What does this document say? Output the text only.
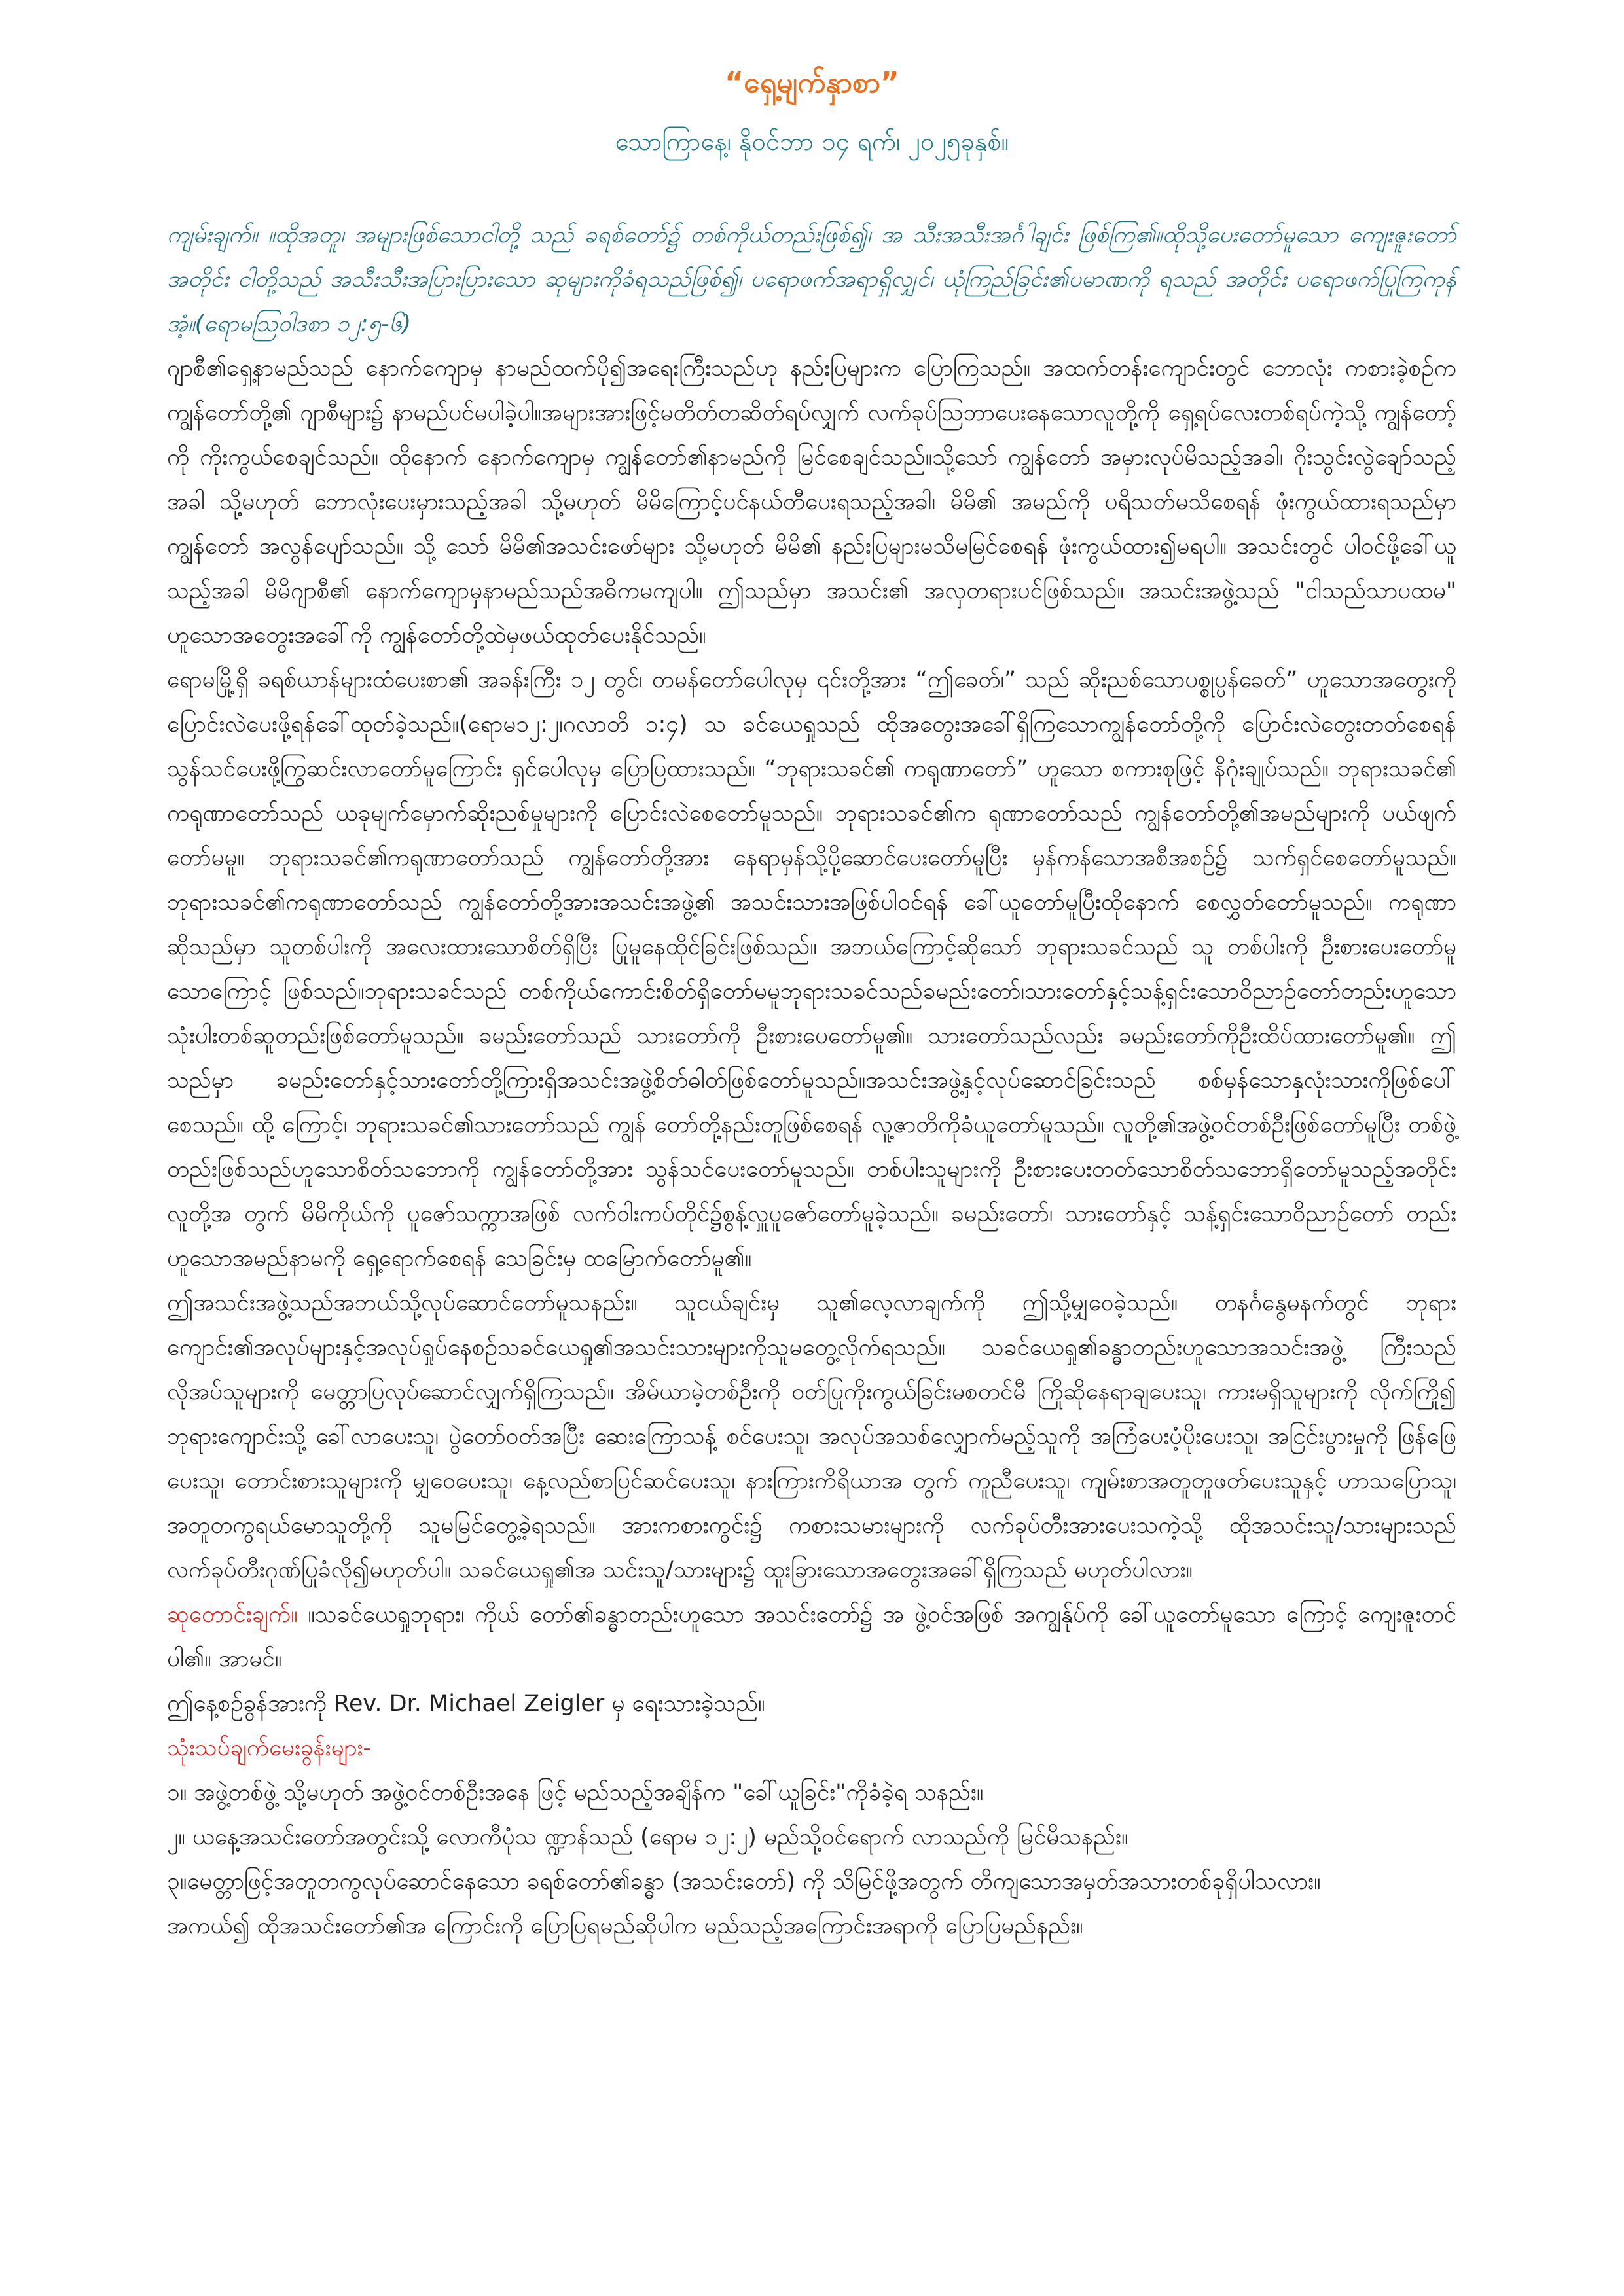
“ရှေ့မျက်နှာစာ”
သောကြာနေ့၊ နိုဝင်ဘာ ၁၄ ရက်၊ ၂၀၂၅ခုနှစ်။

ကျမ်းချက်။ ။ထိုအတူ၊ အများဖြစ်သောငါတို့ သည် ခရစ်တော်၌ တစ်ကိုယ်တည်းဖြစ်၍၊ အ သီးအသီးအင်္ဂါချင်း ဖြစ်ကြ၏။ထိုသို့ပေးတော်မူသော ကျေးဇူးတော်အတိုင်း ငါတို့သည် အသီးသီးအပြားပြားသော ဆုများကိုခံရသည်ဖြစ်၍၊ ပရောဖက်အရာရှိလျှင်၊ ယုံကြည်ခြင်း၏ပမာဏကို ရသည် အတိုင်း ပရောဖက်ပြုကြကုန်အံ့။(ရောမသြဝါဒစာ ၁၂:၅-၆)

ဂျာစီ၏ရှေ့နာမည်သည် နောက်ကျောမှ နာမည်ထက်ပို၍အရေးကြီးသည်ဟု နည်းပြများက ပြောကြသည်။ အထက်တန်းကျောင်းတွင် ဘောလုံး ကစားခဲ့စဉ်က ကျွန်တော်တို့၏ ဂျာစီများ၌ နာမည်ပင်မပါခဲ့ပါ။အများအားဖြင့်မတိတ်တဆိတ်ရပ်လျှက် လက်ခုပ်သြဘာပေးနေသောလူတို့ကို ရှေ့ရပ်လေးတစ်ရပ်ကဲ့သို့ ကျွန်တော့်ကို ကိုးကွယ်စေချင်သည်။ ထိုနောက် နောက်ကျောမှ ကျွန်တော်၏နာမည်ကို မြင်စေချင်သည်။သို့သော် ကျွန်တော် အမှားလုပ်မိသည့်အခါ၊ ဂိုးသွင်းလွဲချော်သည့်အခါ သို့မဟုတ် ဘောလုံးပေးမှားသည့်အခါ သို့မဟုတ် မိမိကြောင့်ပင်နယ်တီပေးရသည့်အခါ၊ မိမိ၏ အမည်ကို ပရိသတ်မသိစေရန် ဖုံးကွယ်ထားရသည်မှာ ကျွန်တော် အလွန်ပျော်သည်။ သို့ သော် မိမိ၏အသင်းဖော်များ သို့မဟုတ် မိမိ၏ နည်းပြများမသိမမြင်စေရန် ဖုံးကွယ်ထား၍မရပါ။ အသင်းတွင် ပါဝင်ဖို့ခေါ်ယူသည့်အခါ မိမိဂျာစီ၏ နောက်ကျောမှနာမည်သည်အဓိကမကျပါ။ ဤသည်မှာ အသင်း၏ အလှတရားပင်ဖြစ်သည်။ အသင်းအဖွဲ့သည် "ငါသည်သာပထမ" ဟူသောအတွေးအခေါ်ကို ကျွန်တော်တို့ထဲမှဖယ်ထုတ်ပေးနိုင်သည်။

ရောမမြို့ရှိ ခရစ်ယာန်များထံပေးစာ၏ အခန်းကြီး ၁၂ တွင်၊ တမန်တော်ပေါလုမှ ၎င်းတို့အား “ဤခေတ်၊” သည် ဆိုးညစ်သောပစ္စုပ္ပန်ခေတ်” ဟူသောအတွေးကိုပြောင်းလဲပေးဖို့ရန်ခေါ်ထုတ်ခဲ့သည်။(ရောမ၁၂:၂၊ဂလာတိ ၁:၄) သ ခင်ယေရှုသည် ထိုအတွေးအခေါ်ရှိကြသောကျွန်တော်တို့ကို ပြောင်းလဲတွေးတတ်စေရန် သွန်သင်ပေးဖို့ကြွဆင်းလာတော်မူကြောင်း ရှင်ပေါလုမှ ပြောပြထားသည်။ “ဘုရားသခင်၏ ကရုဏာတော်” ဟူသော စကားစုဖြင့် နိဂုံးချုပ်သည်။ ဘုရားသခင်၏ ကရုဏာတော်သည် ယခုမျက်မှောက်ဆိုးညစ်မှုများကို ပြောင်းလဲစေတော်မူသည်။ ဘုရားသခင်၏က ရုဏာတော်သည် ကျွန်တော်တို့၏အမည်များကို ပယ်ဖျက်တော်မမူ။ ဘုရားသခင်၏ကရုဏာတော်သည် ကျွန်တော်တို့အား နေရာမှန်သို့ပို့ဆောင်ပေးတော်မူပြီး မှန်ကန်သောအစီအစဉ်၌ သက်ရှင်စေတော်မူသည်။ ဘုရားသခင်၏ကရုဏာတော်သည် ကျွန်တော်တို့အားအသင်းအဖွဲ့၏ အသင်းသားအဖြစ်ပါဝင်ရန် ခေါ်ယူတော်မူပြီးထိုနောက် စေလွှတ်တော်မူသည်။ ကရုဏာဆိုသည်မှာ သူတစ်ပါးကို အလေးထားသောစိတ်ရှိပြီး ပြုမူနေထိုင်ခြင်းဖြစ်သည်။ အဘယ်ကြောင့်ဆိုသော် ဘုရားသခင်သည် သူ တစ်ပါးကို ဦးစားပေးတော်မူသောကြောင့် ဖြစ်သည်။ဘုရားသခင်သည် တစ်ကိုယ်ကောင်းစိတ်ရှိတော်မမူဘုရားသခင်သည်ခမည်းတော်၊သားတော်နှင့်သန့်ရှင်းသောဝိညာဉ်တော်တည်းဟူသောသုံးပါးတစ်ဆူတည်းဖြစ်တော်မူသည်။ ခမည်းတော်သည် သားတော်ကို ဦးစားပေတော်မူ၏။ သားတော်သည်လည်း ခမည်းတော်ကိုဦးထိပ်ထားတော်မူ၏။ ဤသည်မှာ ခမည်းတော်နှင့်သားတော်တို့ကြားရှိအသင်းအဖွဲ့စိတ်ဓါတ်ဖြစ်တော်မူသည်။အသင်းအဖွဲ့နှင့်လုပ်ဆောင်ခြင်းသည် စစ်မှန်သောနှလုံးသားကိုဖြစ်ပေါ်စေသည်။ ထို့ ကြောင့်၊ ဘုရားသခင်၏သားတော်သည် ကျွန် တော်တို့နည်းတူဖြစ်စေရန် လူ့ဇာတိကိုခံယူတော်မူသည်။ လူတို့၏အဖွဲ့ဝင်တစ်ဦးဖြစ်တော်မူပြီး တစ်ဖွဲ့တည်းဖြစ်သည်ဟူသောစိတ်သဘောကို ကျွန်တော်တို့အား သွန်သင်ပေးတော်မူသည်။ တစ်ပါးသူများကို ဦးစားပေးတတ်သောစိတ်သဘောရှိတော်မူသည့်အတိုင်း လူတို့အ တွက် မိမိကိုယ်ကို ပူဇော်သက္ကာအဖြစ် လက်ဝါးကပ်တိုင်၌စွန့်လှူပူဇော်တော်မူခဲ့သည်။ ခမည်းတော်၊ သားတော်နှင့် သန့်ရှင်းသောဝိညာဉ်တော် တည်းဟူသောအမည်နာမကို ရှေ့ရောက်စေရန် သေခြင်းမှ ထမြောက်တော်မူ၏။

ဤအသင်းအဖွဲ့သည်အဘယ်သို့လုပ်ဆောင်တော်မူသနည်း။ သူငယ်ချင်းမှ သူ၏လေ့လာချက်ကို ဤသို့မျှဝေခဲ့သည်။ တနင်္ဂနွေမနက်တွင် ဘုရားကျောင်း၏အလုပ်များနှင့်အလုပ်ရှုပ်နေစဉ်သခင်ယေရှု၏အသင်းသားများကိုသူမတွေ့လိုက်ရသည်။ သခင်ယေရှု၏ခန္ဓာတည်းဟူသောအသင်းအဖွဲ့ ကြီးသည် လိုအပ်သူများကို မေတ္တာပြလုပ်ဆောင်လျှက်ရှိကြသည်။ အိမ်ယာမဲ့တစ်ဦးကို ဝတ်ပြုကိုးကွယ်ခြင်းမစတင်မီ ကြိုဆိုနေရာချပေးသူ၊ ကားမရှိသူများကို လိုက်ကြို၍ ဘုရားကျောင်းသို့ ခေါ်လာပေးသူ၊ ပွဲတော်ဝတ်အပြီး ဆေးကြောသန့် စင်ပေးသူ၊ အလုပ်အသစ်လျှောက်မည့်သူကို အကြံပေးပံ့ပိုးပေးသူ၊ အငြင်းပွားမှုကို ဖြန်ဖြေပေးသူ၊ တောင်းစားသူများကို မျှဝေပေးသူ၊ နေ့လည်စာပြင်ဆင်ပေးသူ၊ နားကြားကိရိယာအ တွက် ကူညီပေးသူ၊ ကျမ်းစာအတူတူဖတ်ပေးသူနှင့် ဟာသပြောသူ၊ အတူတကွရယ်မောသူတို့ကို သူမမြင်တွေ့ခဲ့ရသည်။ အားကစားကွင်း၌ ကစားသမားများကို လက်ခုပ်တီးအားပေးသကဲ့သို့ ထိုအသင်းသူ/သားများသည် လက်ခုပ်တီးဂုဏ်ပြုခံလို၍မဟုတ်ပါ။ သခင်ယေရှု၏အ သင်းသူ/သားများ၌ ထူးခြားသောအတွေးအခေါ်ရှိကြသည် မဟုတ်ပါလား။

ဆုတောင်းချက်။ ။သခင်ယေရှုဘုရား၊ ကိုယ် တော်၏ခန္ဓာတည်းဟူသော အသင်းတော်၌ အ ဖွဲ့ဝင်အဖြစ် အကျွန်ုပ်ကို ခေါ်ယူတော်မူသော ကြောင့် ကျေးဇူးတင်ပါ၏။ အာမင်။

ဤနေ့စဉ်ခွန်အားကို Rev. Dr. Michael Zeigler မှ ရေးသားခဲ့သည်။

သုံးသပ်ချက်မေးခွန်းများ-

၁။ အဖွဲ့တစ်ဖွဲ့ သို့မဟုတ် အဖွဲ့ဝင်တစ်ဦးအနေ ဖြင့် မည်သည့်အချိန်က "ခေါ်ယူခြင်း"ကိုခံခဲ့ရ သနည်း။

၂။ ယနေ့အသင်းတော်အတွင်းသို့ လောကီပုံသ ဏ္ဍာန်သည် (ရောမ ၁၂:၂) မည်သို့ဝင်ရောက် လာသည်ကို မြင်မိသနည်း။

၃။မေတ္တာဖြင့်အတူတကွလုပ်ဆောင်နေသော ခရစ်တော်၏ခန္ဓာ (အသင်းတော်) ကို သိမြင်ဖို့အတွက် တိကျသောအမှတ်အသားတစ်ခုရှိပါသလား။

အကယ်၍ ထိုအသင်းတော်၏အ ကြောင်းကို ပြောပြရမည်ဆိုပါက မည်သည့်အကြောင်းအရာကို ပြောပြမည်နည်း။
